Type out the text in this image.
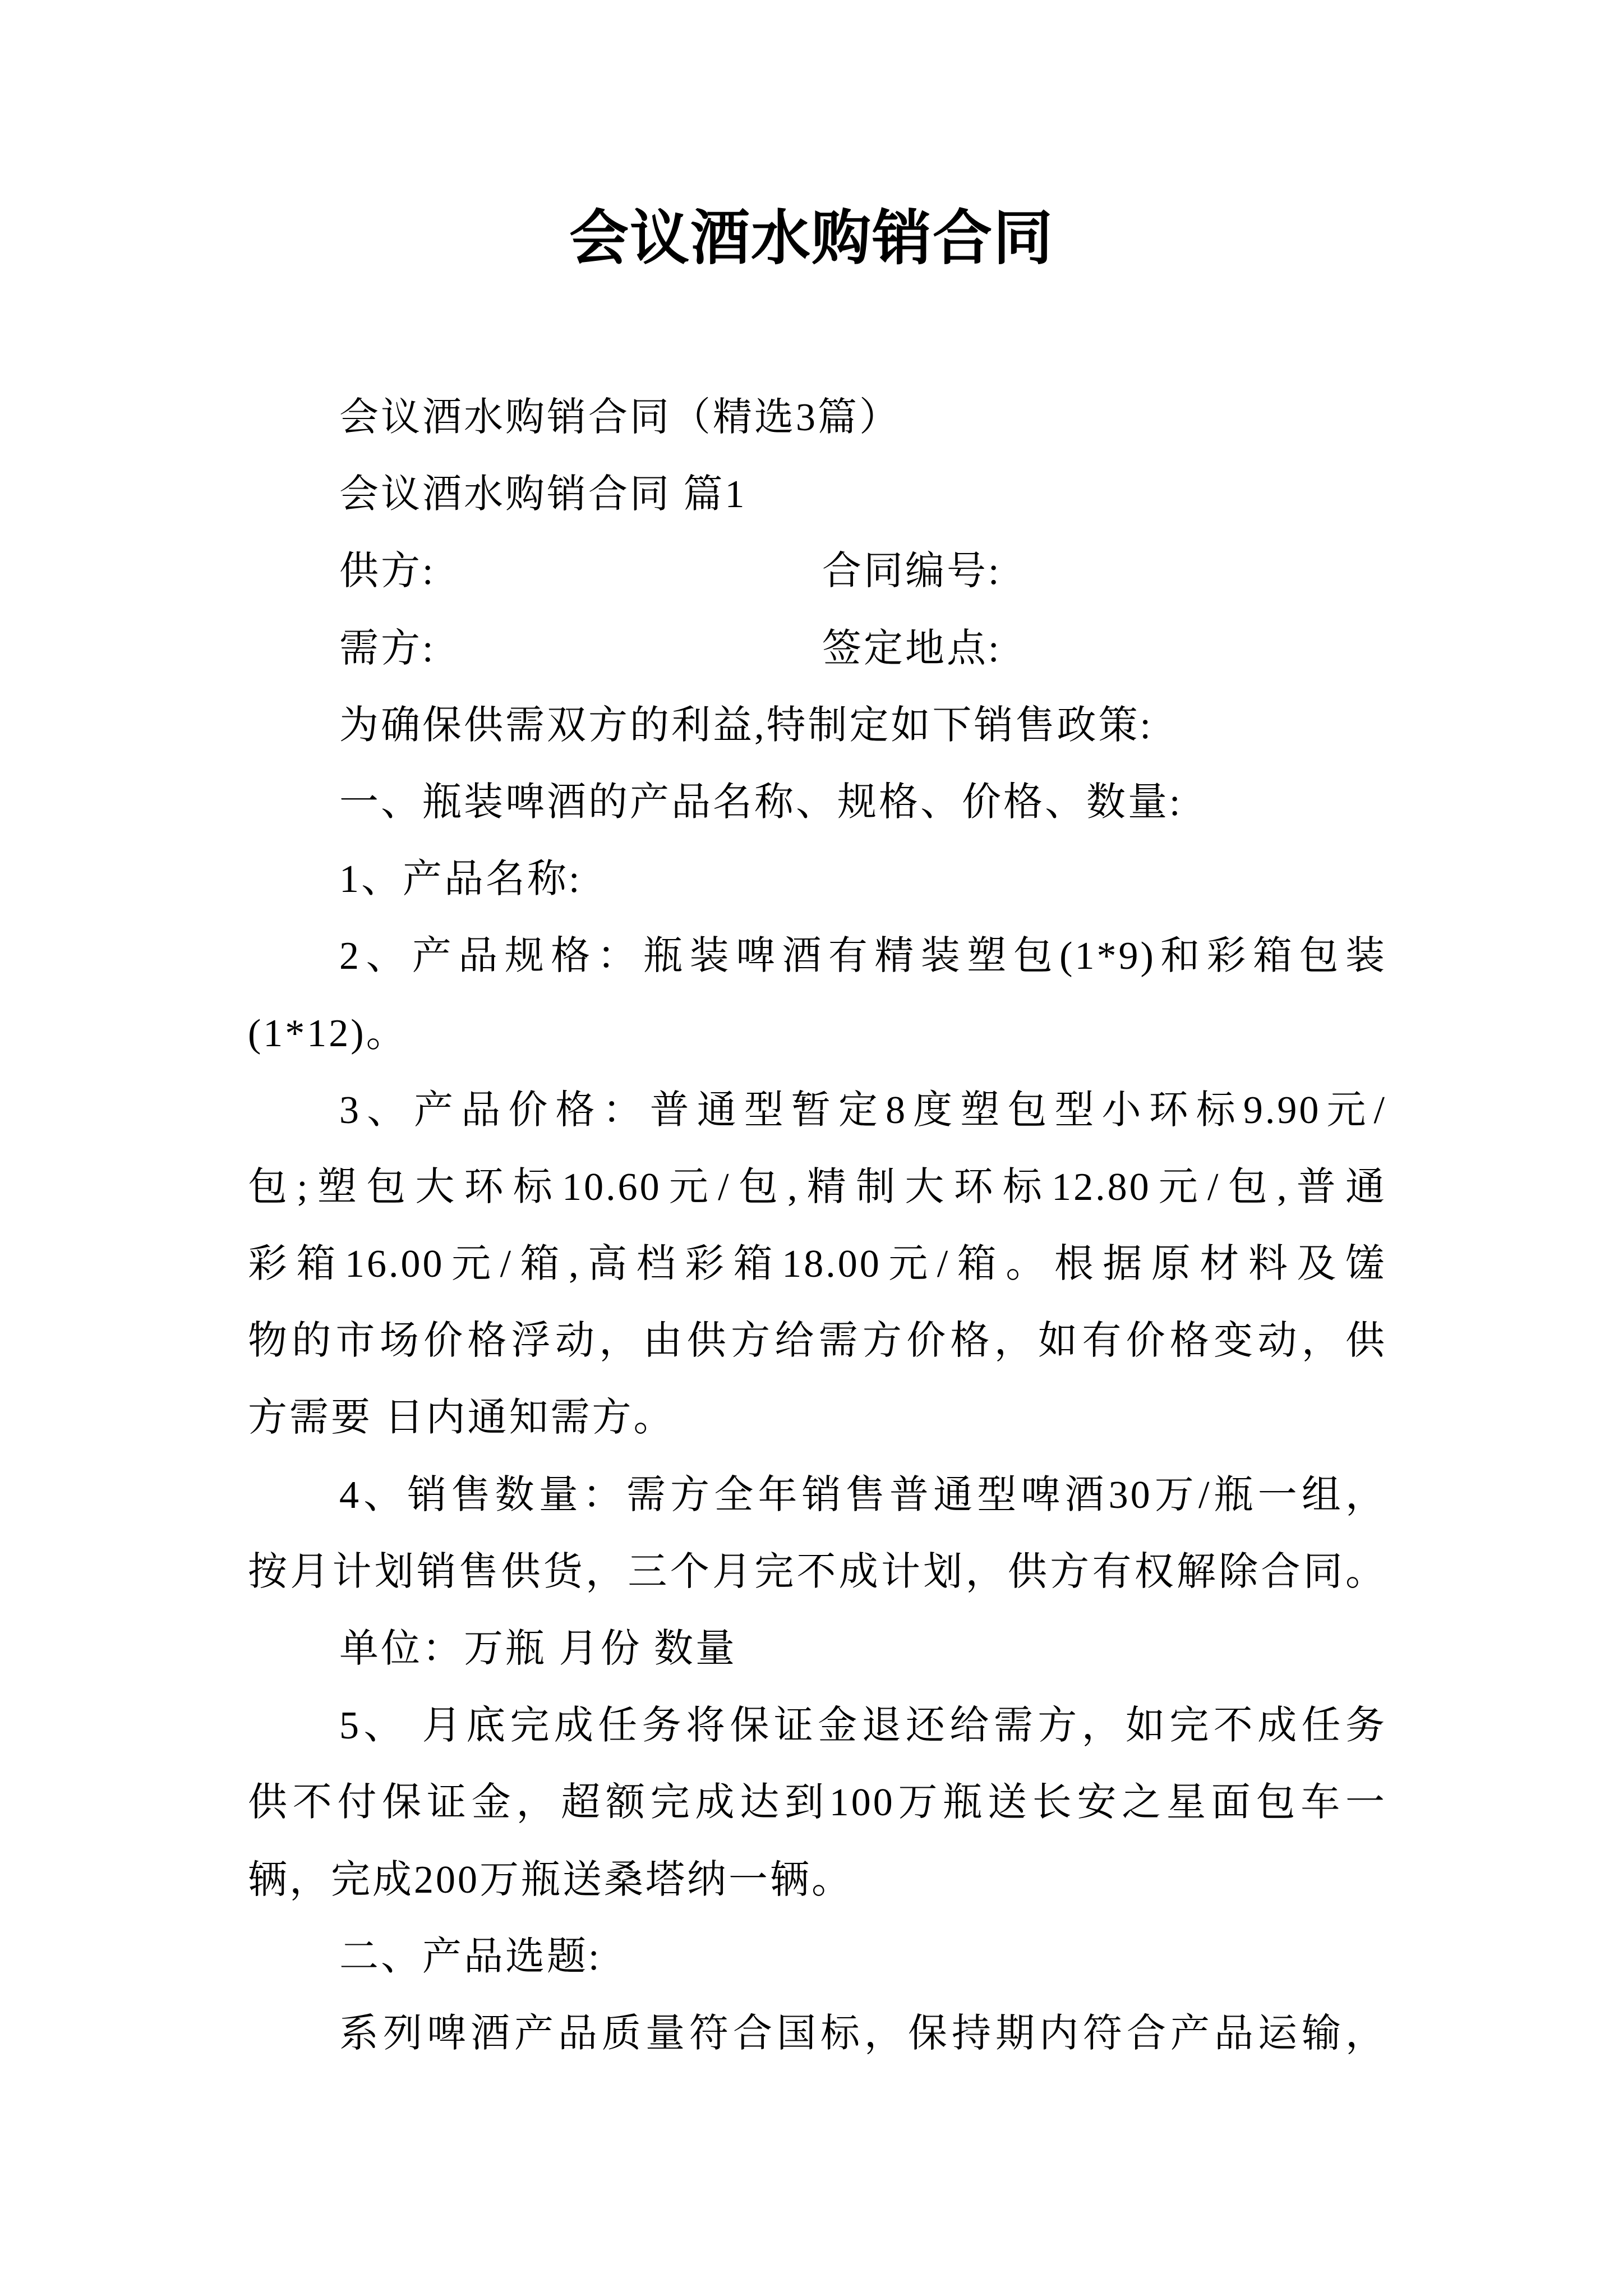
会议酒水购销合同
会议酒水购销合同（精选3篇）
会议酒水购销合同 篇1
供方:	合同编号:
需方:	签定地点:
为确保供需双方的利益,特制定如下销售政策:
一、瓶装啤酒的产品名称、规格、价格、数量:
1、产品名称:
2、产品规格：瓶装啤酒有精装塑包(1*9)和彩箱包装
(1*12)。
3、产品价格：普通型暂定8度塑包型小环标9.90元/
包;塑包大环标10.60元/包,精制大环标12.80元/包,普通
彩箱16.00元/箱,高档彩箱18.00元/箱。根据原材料及馐
物的市场价格浮动，由供方给需方价格，如有价格变动，供
方需要 日内通知需方。
4、销售数量：需方全年销售普通型啤酒30万/瓶一组，
按月计划销售供货，三个月完不成计划，供方有权解除合同。
单位：万瓶 月份 数量
5、 月底完成任务将保证金退还给需方，如完不成任务
供不付保证金，超额完成达到100万瓶送长安之星面包车一
辆，完成200万瓶送桑塔纳一辆。
二、产品选题:
系列啤酒产品质量符合国标，保持期内符合产品运输，
